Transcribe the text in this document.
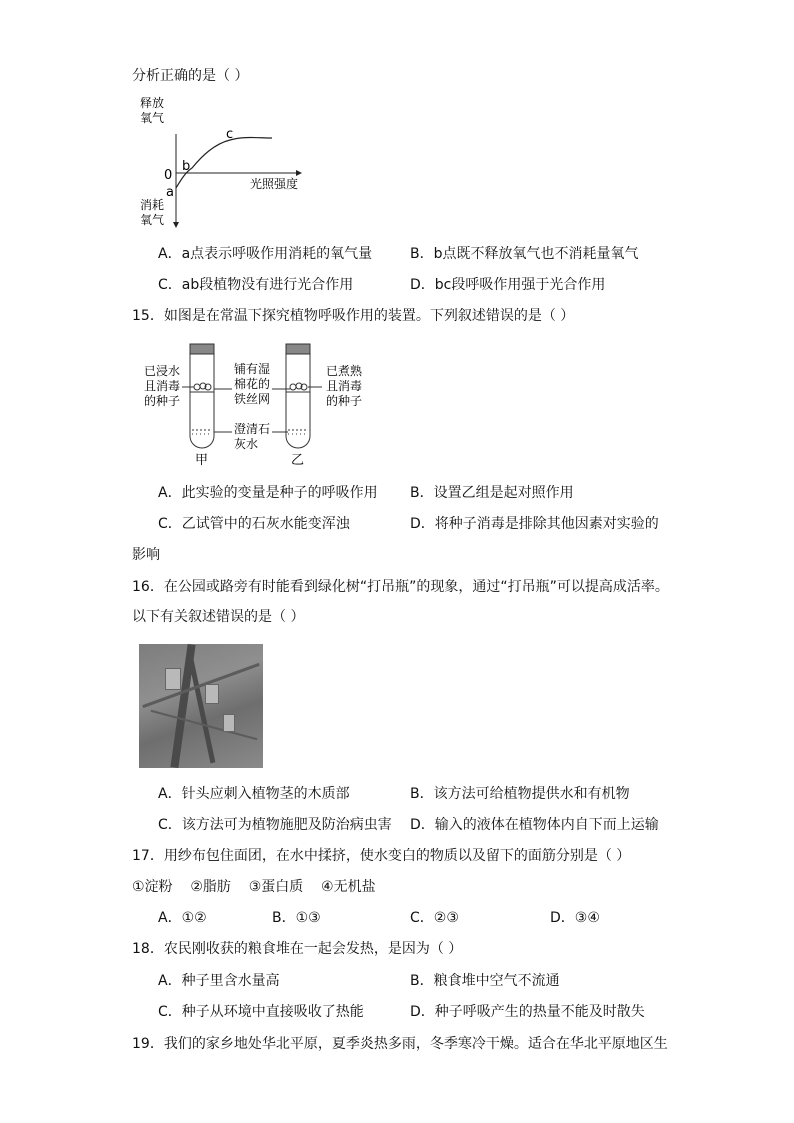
分析正确的是（ ）
释放
氧气
消耗
氧气
0
a
b
c
光照强度
A．a点表示呼吸作用消耗的氧气量	B．b点既不释放氧气也不消耗量氧气
C．ab段植物没有进行光合作用	D．bc段呼吸作用强于光合作用
15．如图是在常温下探究植物呼吸作用的装置。下列叙述错误的是（ ）
已浸水
且消毒
的种子
铺有湿
棉花的
铁丝网
已煮熟
且消毒
的种子
澄清石
灰水
甲	乙
A．此实验的变量是种子的呼吸作用 B．设置乙组是起对照作用
C．乙试管中的石灰水能变浑浊	D．将种子消毒是排除其他因素对实验的
影响
16．在公园或路旁有时能看到绿化树“打吊瓶”的现象，通过“打吊瓶”可以提高成活率。
以下有关叙述错误的是（ ）
A．针头应刺入植物茎的木质部	B．该方法可给植物提供水和有机物
C．该方法可为植物施肥及防治病虫害 D．输入的液体在植物体内自下而上运输
17．用纱布包住面团，在水中揉挤，使水变白的物质以及留下的面筋分别是（ ）
①淀粉    ②脂肪    ③蛋白质    ④无机盐
A．①②	B．①③	C．②③	D．③④
18．农民刚收获的粮食堆在一起会发热，是因为（ ）
A．种子里含水量高	B．粮食堆中空气不流通
C．种子从环境中直接吸收了热能	D．种子呼吸产生的热量不能及时散失
19．我们的家乡地处华北平原，夏季炎热多雨，冬季寒冷干燥。适合在华北平原地区生
